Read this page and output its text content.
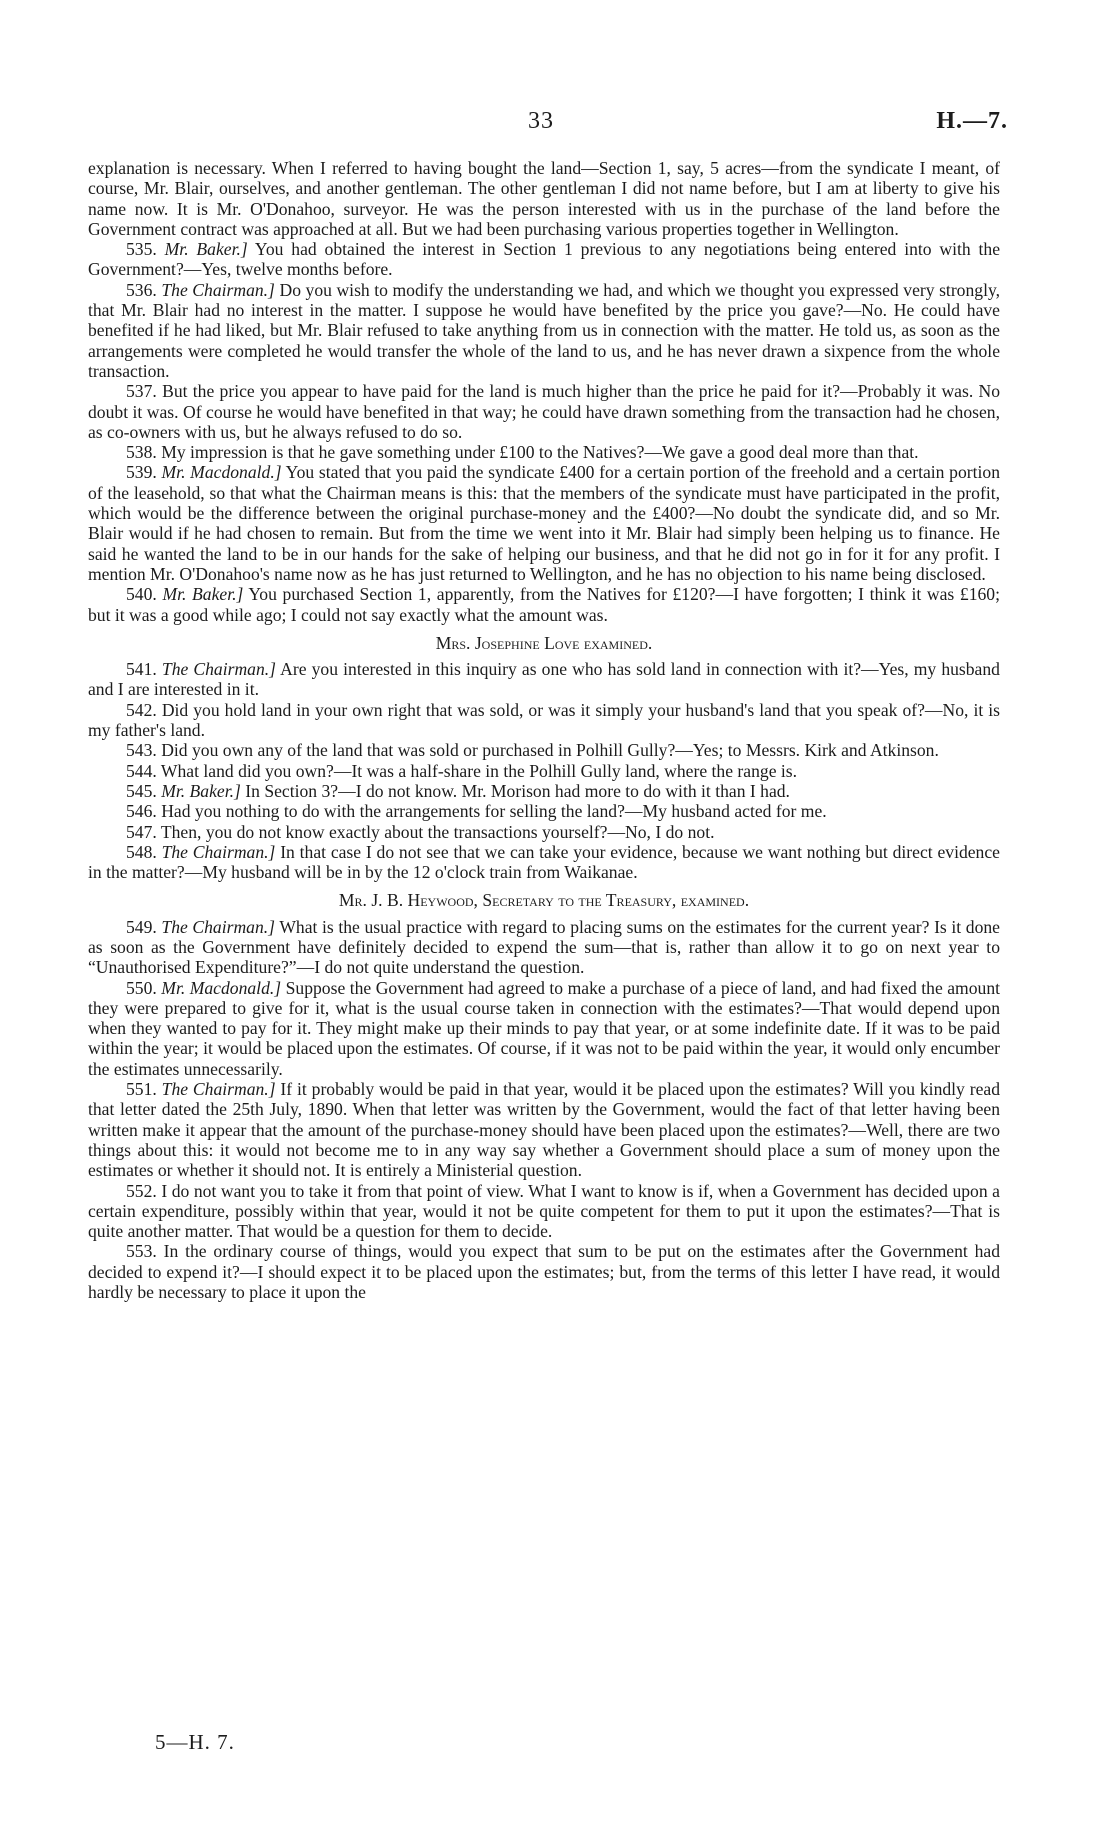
33	H.—7.

explanation is necessary. When I referred to having bought the land—Section 1, say, 5 acres—from the syndicate I meant, of course, Mr. Blair, ourselves, and another gentleman. The other gentleman I did not name before, but I am at liberty to give his name now. It is Mr. O'Donahoo, surveyor. He was the person interested with us in the purchase of the land before the Government contract was approached at all. But we had been purchasing various properties together in Wellington.

535. Mr. Baker.] You had obtained the interest in Section 1 previous to any negotiations being entered into with the Government?—Yes, twelve months before.

536. The Chairman.] Do you wish to modify the understanding we had, and which we thought you expressed very strongly, that Mr. Blair had no interest in the matter. I suppose he would have benefited by the price you gave?—No. He could have benefited if he had liked, but Mr. Blair refused to take anything from us in connection with the matter. He told us, as soon as the arrangements were completed he would transfer the whole of the land to us, and he has never drawn a sixpence from the whole transaction.

537. But the price you appear to have paid for the land is much higher than the price he paid for it?—Probably it was. No doubt it was. Of course he would have benefited in that way; he could have drawn something from the transaction had he chosen, as co-owners with us, but he always refused to do so.

538. My impression is that he gave something under £100 to the Natives?—We gave a good deal more than that.

539. Mr. Macdonald.] You stated that you paid the syndicate £400 for a certain portion of the freehold and a certain portion of the leasehold, so that what the Chairman means is this: that the members of the syndicate must have participated in the profit, which would be the difference between the original purchase-money and the £400?—No doubt the syndicate did, and so Mr. Blair would if he had chosen to remain. But from the time we went into it Mr. Blair had simply been helping us to finance. He said he wanted the land to be in our hands for the sake of helping our business, and that he did not go in for it for any profit. I mention Mr. O'Donahoo's name now as he has just returned to Wellington, and he has no objection to his name being disclosed.

540. Mr. Baker.] You purchased Section 1, apparently, from the Natives for £120?—I have forgotten; I think it was £160; but it was a good while ago; I could not say exactly what the amount was.

Mrs. Josephine Love examined.

541. The Chairman.] Are you interested in this inquiry as one who has sold land in connection with it?—Yes, my husband and I are interested in it.

542. Did you hold land in your own right that was sold, or was it simply your husband's land that you speak of?—No, it is my father's land.

543. Did you own any of the land that was sold or purchased in Polhill Gully?—Yes; to Messrs. Kirk and Atkinson.

544. What land did you own?—It was a half-share in the Polhill Gully land, where the range is.

545. Mr. Baker.] In Section 3?—I do not know. Mr. Morison had more to do with it than I had.

546. Had you nothing to do with the arrangements for selling the land?—My husband acted for me.

547. Then, you do not know exactly about the transactions yourself?—No, I do not.

548. The Chairman.] In that case I do not see that we can take your evidence, because we want nothing but direct evidence in the matter?—My husband will be in by the 12 o'clock train from Waikanae.

Mr. J. B. Heywood, Secretary to the Treasury, examined.

549. The Chairman.] What is the usual practice with regard to placing sums on the estimates for the current year? Is it done as soon as the Government have definitely decided to expend the sum—that is, rather than allow it to go on next year to “Unauthorised Expenditure?”—I do not quite understand the question.

550. Mr. Macdonald.] Suppose the Government had agreed to make a purchase of a piece of land, and had fixed the amount they were prepared to give for it, what is the usual course taken in connection with the estimates?—That would depend upon when they wanted to pay for it. They might make up their minds to pay that year, or at some indefinite date. If it was to be paid within the year; it would be placed upon the estimates. Of course, if it was not to be paid within the year, it would only encumber the estimates unnecessarily.

551. The Chairman.] If it probably would be paid in that year, would it be placed upon the estimates? Will you kindly read that letter dated the 25th July, 1890. When that letter was written by the Government, would the fact of that letter having been written make it appear that the amount of the purchase-money should have been placed upon the estimates?—Well, there are two things about this: it would not become me to in any way say whether a Government should place a sum of money upon the estimates or whether it should not. It is entirely a Ministerial question.

552. I do not want you to take it from that point of view. What I want to know is if, when a Government has decided upon a certain expenditure, possibly within that year, would it not be quite competent for them to put it upon the estimates?—That is quite another matter. That would be a question for them to decide.

553. In the ordinary course of things, would you expect that sum to be put on the estimates after the Government had decided to expend it?—I should expect it to be placed upon the estimates; but, from the terms of this letter I have read, it would hardly be necessary to place it upon the

5—H. 7.
